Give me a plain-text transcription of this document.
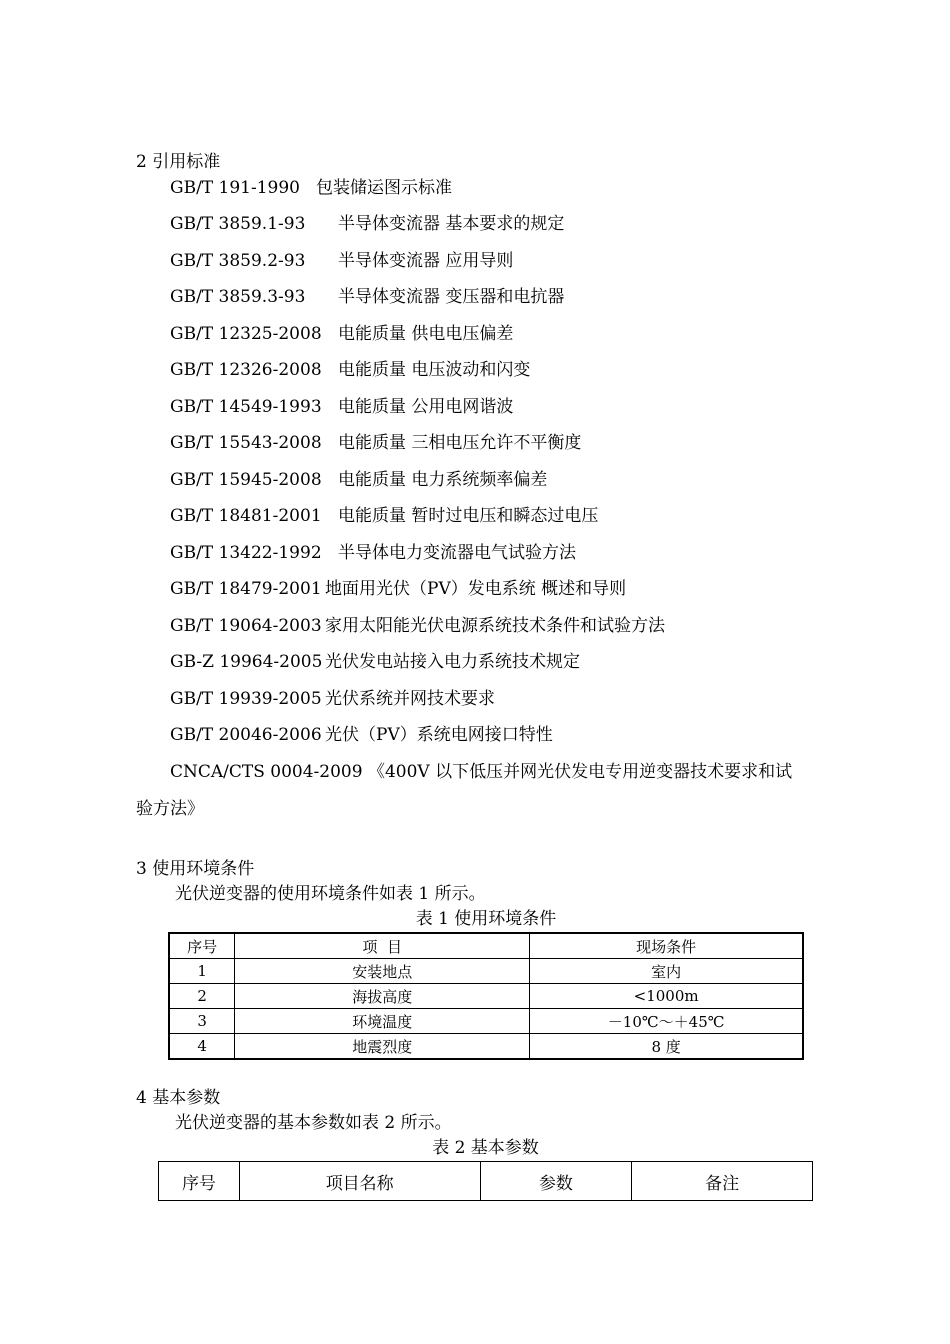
2 引用标准
GB/T 191-1990 包装储运图示标准
GB/T 3859.1-93 半导体变流器 基本要求的规定
GB/T 3859.2-93 半导体变流器 应用导则
GB/T 3859.3-93 半导体变流器 变压器和电抗器
GB/T 12325-2008 电能质量 供电电压偏差
GB/T 12326-2008 电能质量 电压波动和闪变
GB/T 14549-1993 电能质量 公用电网谐波
GB/T 15543-2008 电能质量 三相电压允许不平衡度
GB/T 15945-2008 电能质量 电力系统频率偏差
GB/T 18481-2001 电能质量 暂时过电压和瞬态过电压
GB/T 13422-1992 半导体电力变流器电气试验方法
GB/T 18479-2001 地面用光伏（PV）发电系统 概述和导则
GB/T 19064-2003 家用太阳能光伏电源系统技术条件和试验方法
GB-Z 19964-2005 光伏发电站接入电力系统技术规定
GB/T 19939-2005 光伏系统并网技术要求
GB/T 20046-2006 光伏（PV）系统电网接口特性
CNCA/CTS 0004-2009 《400V 以下低压并网光伏发电专用逆变器技术要求和试
验方法》
3 使用环境条件
光伏逆变器的使用环境条件如表 1 所示。
表 1 使用环境条件
序号	项  目	现场条件
1	安装地点	室内
2	海拔高度	<1000m
3	环境温度	－10℃～＋45℃
4	地震烈度	8 度
4 基本参数
光伏逆变器的基本参数如表 2 所示。
表 2 基本参数
序号	项目名称	参数	备注
